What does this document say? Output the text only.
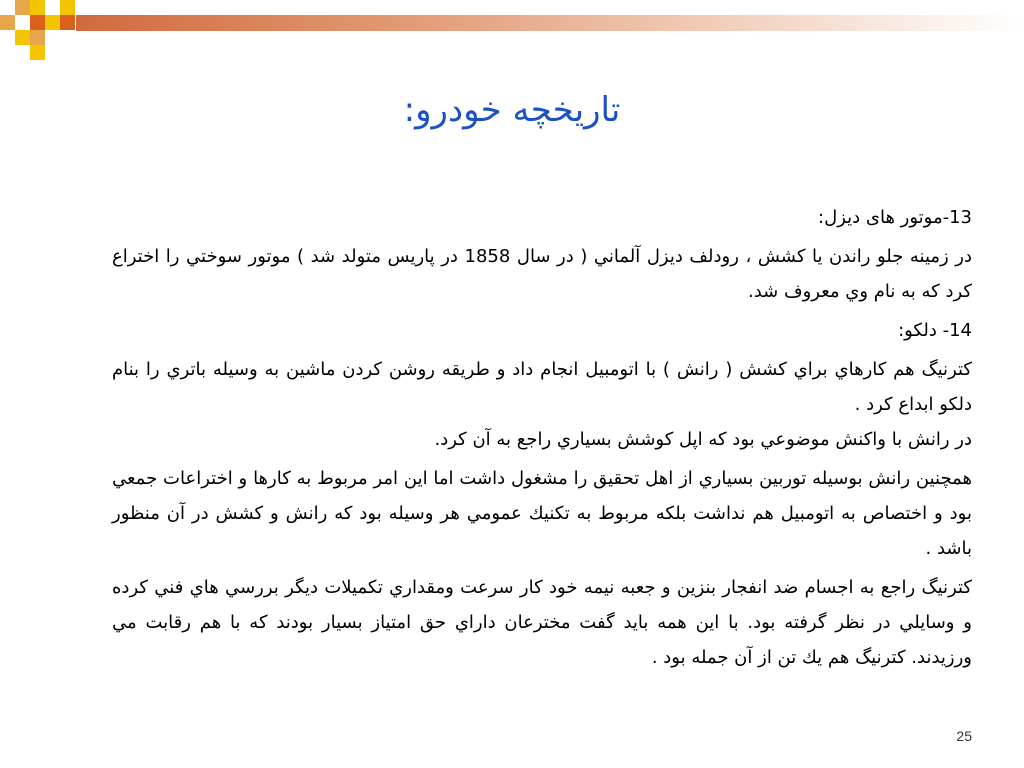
تاریخچه خودرو:

13-موتور های دیزل:

در زمینه جلو راندن یا کشش ، رودلف دیزل آلماني ( در سال 1858 در پاریس متولد شد ) موتور سوختي را اختراع کرد که به نام وي معروف شد.

14- دلکو:

کترنیگ هم کارهاي براي کشش ( رانش ) با اتومبیل انجام داد و طریقه روشن کردن ماشین به وسیله باتري را بنام دلکو ابداع کرد .

در رانش با واکنش موضوعي بود که اپل کوشش بسیاري راجع به آن کرد.

همچنین رانش بوسیله توربین بسیاري از اهل تحقیق را مشغول داشت اما این امر مربوط به کارها و اختراعات جمعي بود و اختصاص به اتومبیل هم نداشت بلکه مربوط به تکنیك عمومي هر وسیله بود که رانش و کشش در آن منظور باشد .

کترنیگ راجع به اجسام ضد انفجار بنزین و جعبه نیمه خود کار سرعت ومقداري تکمیلات دیگر بررسي هاي فني کرده و وسایلي در نظر گرفته بود. با این همه باید گفت مخترعان داراي حق امتیاز بسیار بودند که با هم رقابت مي ورزیدند. کترنیگ هم یك تن از آن جمله بود .

25
